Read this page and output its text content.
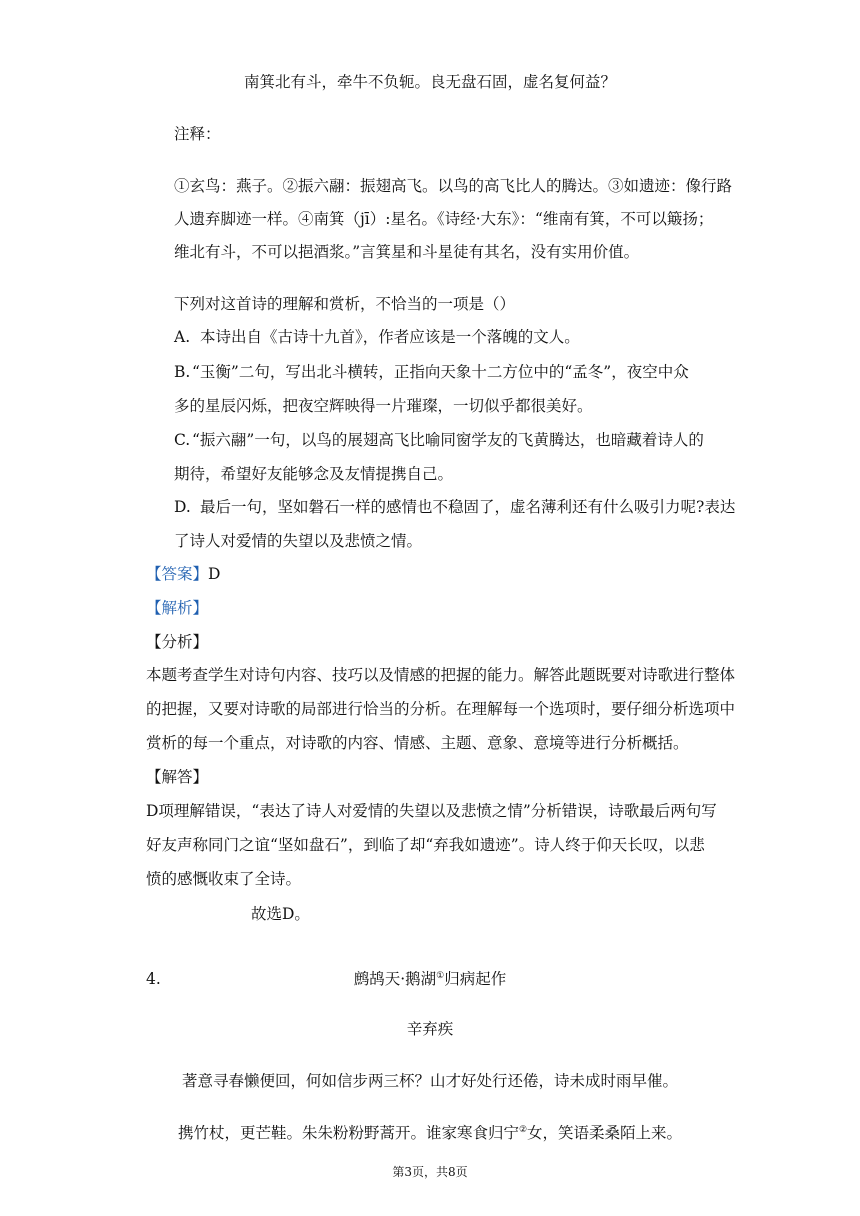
南箕北有斗，牵牛不负轭。良无盘石固，虚名复何益？
注释：
①玄鸟：燕子。②振六翮：振翅高飞。以鸟的高飞比人的腾达。③如遗迹：像行路
人遗弃脚迹一样。④南箕（jī）:星名。《诗经·大东》：“维南有箕，不可以簸扬；
维北有斗，不可以挹酒浆。”言箕星和斗星徒有其名，没有实用价值。
下列对这首诗的理解和赏析，不恰当的一项是（）
A. 本诗出自《古诗十九首》，作者应该是一个落魄的文人。
B. “玉衡”二句，写出北斗横转，正指向天象十二方位中的“孟冬”，夜空中众
多的星辰闪烁，把夜空辉映得一片璀璨，一切似乎都很美好。
C. “振六翮”一句，以鸟的展翅高飞比喻同窗学友的飞黄腾达，也暗藏着诗人的
期待，希望好友能够念及友情提携自己。
D. 最后一句，坚如磐石一样的感情也不稳固了，虚名薄利还有什么吸引力呢?表达
了诗人对爱情的失望以及悲愤之情。
【答案】D
【解析】
【分析】
本题考查学生对诗句内容、技巧以及情感的把握的能力。解答此题既要对诗歌进行整体
的把握，又要对诗歌的局部进行恰当的分析。在理解每一个选项时，要仔细分析选项中
赏析的每一个重点，对诗歌的内容、情感、主题、意象、意境等进行分析概括。
【解答】
D项理解错误，“表达了诗人对爱情的失望以及悲愤之情”分析错误，诗歌最后两句写
好友声称同门之谊“坚如盘石”，到临了却“弃我如遗迹”。诗人终于仰天长叹，以悲
愤的感慨收束了全诗。
故选D。
4.	鹧鸪天·鹅湖①归病起作
辛弃疾
著意寻春懒便回，何如信步两三杯？山才好处行还倦，诗未成时雨早催。
携竹杖，更芒鞋。朱朱粉粉野蒿开。谁家寒食归宁②女，笑语柔桑陌上来。
第3页，共8页
